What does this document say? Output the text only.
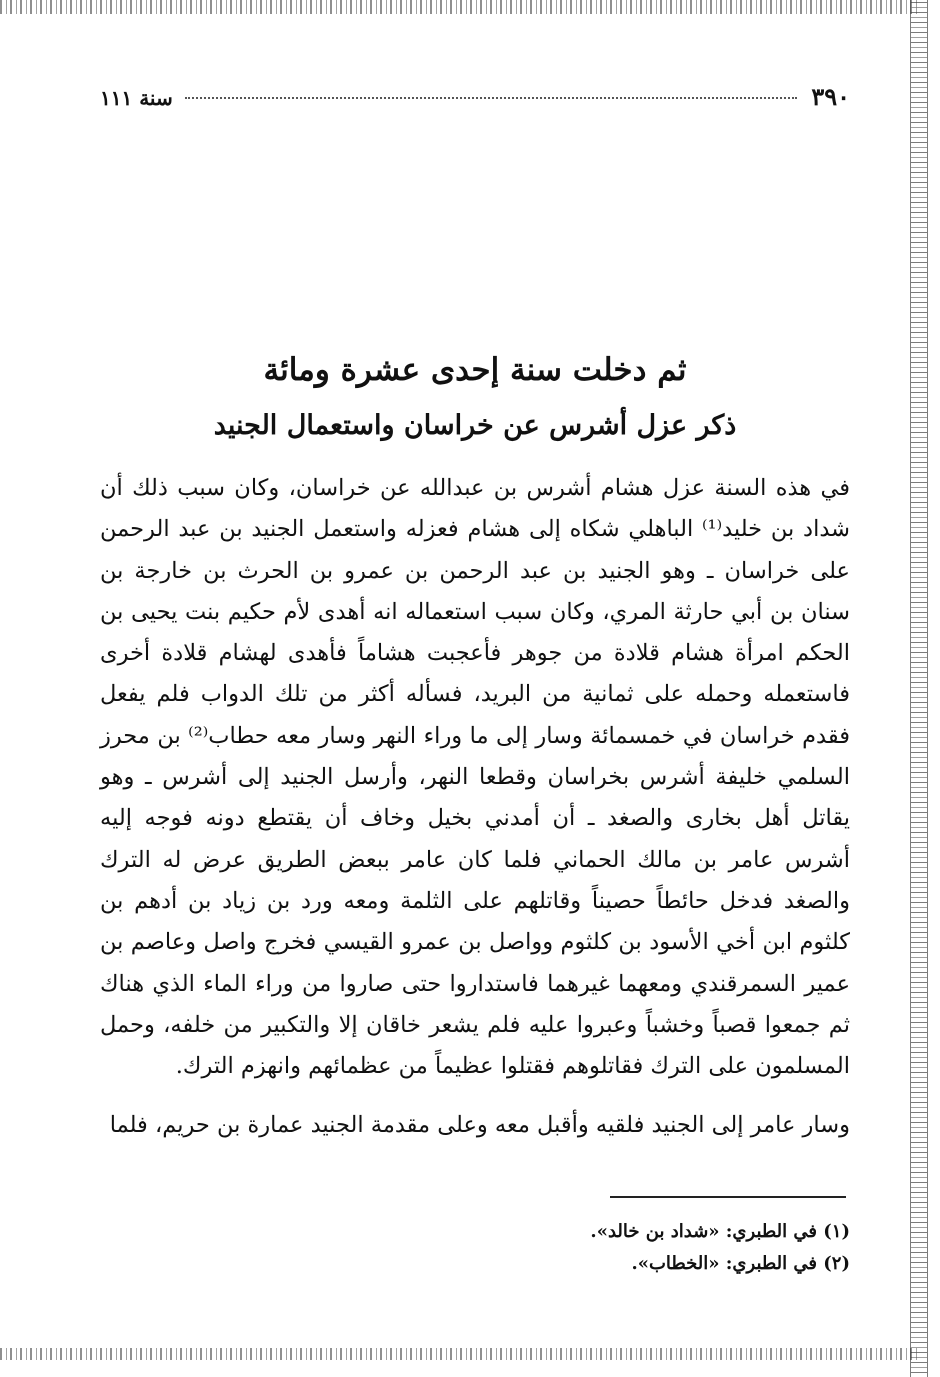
٣٩٠
سنة ١١١
ثم دخلت سنة إحدى عشرة ومائة
ذكر عزل أشرس عن خراسان واستعمال الجنيد

في هذه السنة عزل هشام أشرس بن عبدالله عن خراسان، وكان سبب ذلك أن شداد بن خليد⁽¹⁾ الباهلي شكاه إلى هشام فعزله واستعمل الجنيد بن عبد الرحمن على خراسان ـ وهو الجنيد بن عبد الرحمن بن عمرو بن الحرث بن خارجة بن سنان بن أبي حارثة المري، وكان سبب استعماله انه أهدى لأم حكيم بنت يحيى بن الحكم امرأة هشام قلادة من جوهر فأعجبت هشاماً فأهدى لهشام قلادة أخرى فاستعمله وحمله على ثمانية من البريد، فسأله أكثر من تلك الدواب فلم يفعل فقدم خراسان في خمسمائة وسار إلى ما وراء النهر وسار معه حطاب⁽²⁾ بن محرز السلمي خليفة أشرس بخراسان وقطعا النهر، وأرسل الجنيد إلى أشرس ـ وهو يقاتل أهل بخارى والصغد ـ أن أمدني بخيل وخاف أن يقتطع دونه فوجه إليه أشرس عامر بن مالك الحماني فلما كان عامر ببعض الطريق عرض له الترك والصغد فدخل حائطاً حصيناً وقاتلهم على الثلمة ومعه ورد بن زياد بن أدهم بن كلثوم ابن أخي الأسود بن كلثوم وواصل بن عمرو القيسي فخرج واصل وعاصم بن عمير السمرقندي ومعهما غيرهما فاستداروا حتى صاروا من وراء الماء الذي هناك ثم جمعوا قصباً وخشباً وعبروا عليه فلم يشعر خاقان إلا والتكبير من خلفه، وحمل المسلمون على الترك فقاتلوهم فقتلوا عظيماً من عظمائهم وانهزم الترك.

وسار عامر إلى الجنيد فلقيه وأقبل معه وعلى مقدمة الجنيد عمارة بن حريم، فلما

(١) في الطبري: «شداد بن خالد».

(٢) في الطبري: «الخطاب».
